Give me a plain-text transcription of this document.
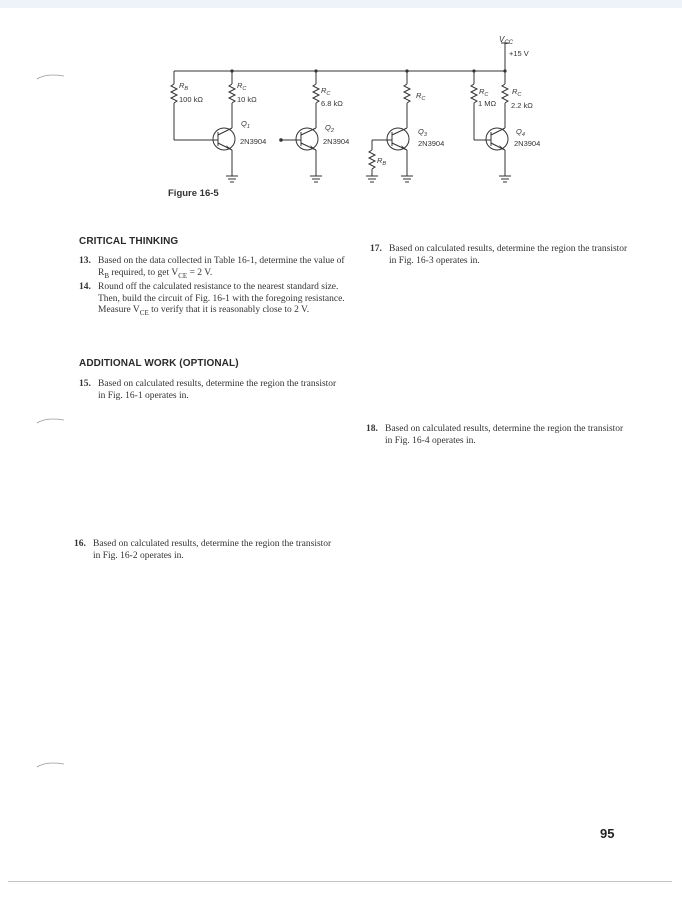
$V_{CC}$
+15 V
$R_B$
100 kΩ
$R_C$
10 kΩ
$Q_1$
2N3904
$R_C$
6.8 kΩ
$Q_2$
2N3904
$R_C$
$Q_3$
2N3904
$R_B$
$R_C$
1 MΩ
$R_C$
2.2 kΩ
$Q_4$
2N3904
Figure 16-5
CRITICAL THINKING
13. Based on the data collected in Table 16-1, determine the value of $R_B$ required, to get $V_{CE} = 2$ V.
14. Round off the calculated resistance to the nearest standard size. Then, build the circuit of Fig. 16-1 with the foregoing resistance. Measure $V_{CE}$ to verify that it is reasonably close to 2 V.
ADDITIONAL WORK (OPTIONAL)
15. Based on calculated results, determine the region the transistor in Fig. 16-1 operates in.
16. Based on calculated results, determine the region the transistor in Fig. 16-2 operates in.
17. Based on calculated results, determine the region the transistor in Fig. 16-3 operates in.
18. Based on calculated results, determine the region the transistor in Fig. 16-4 operates in.
95
